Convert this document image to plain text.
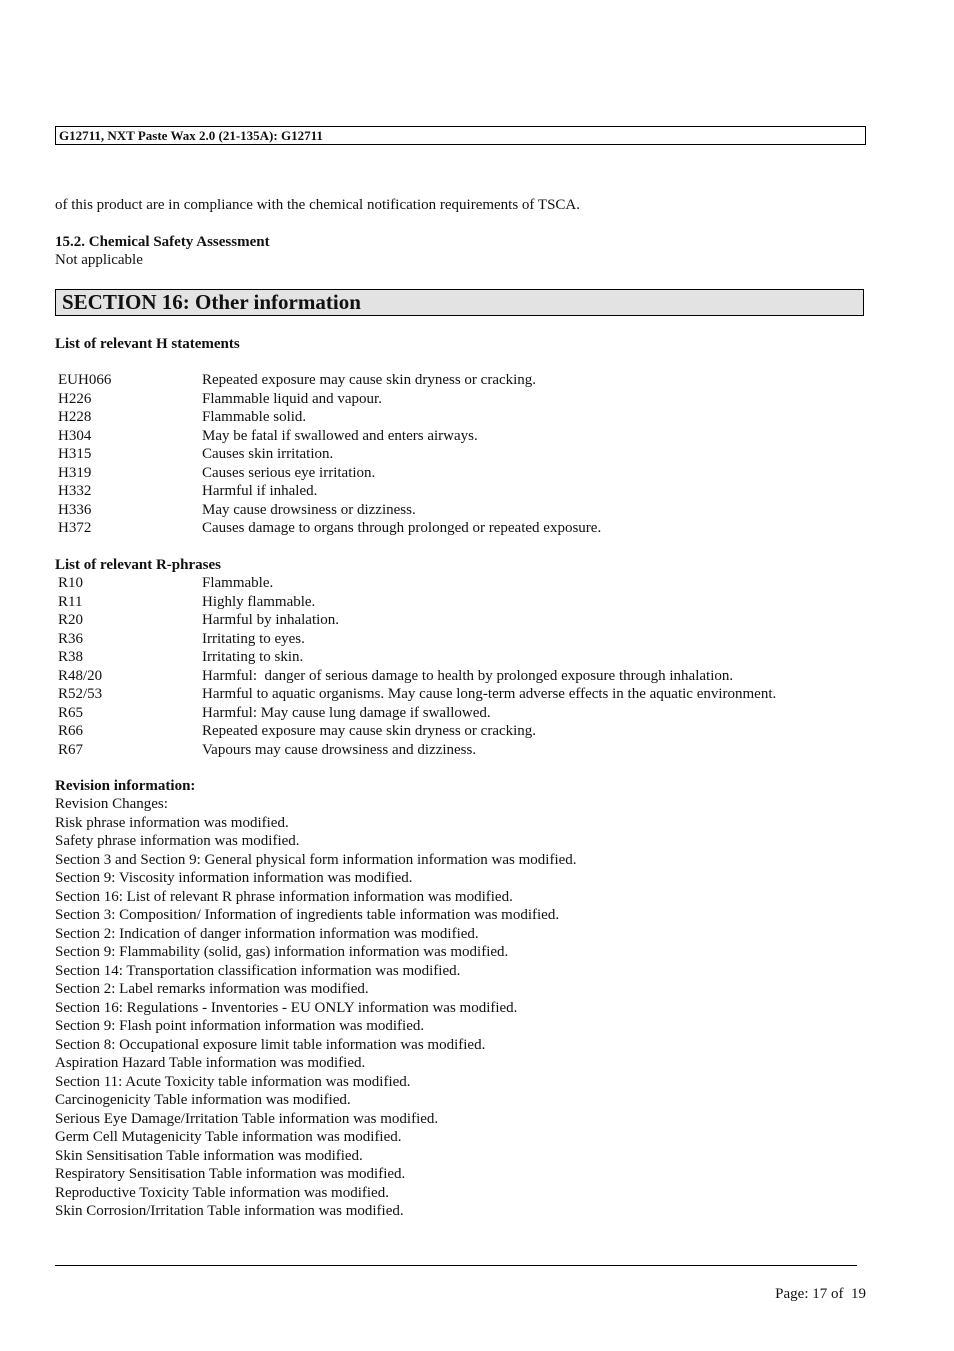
G12711, NXT Paste Wax 2.0 (21-135A): G12711
of this product are in compliance with the chemical notification requirements of TSCA.
15.2. Chemical Safety Assessment
Not applicable
SECTION 16: Other information
List of relevant H statements
EUH066	Repeated exposure may cause skin dryness or cracking.
H226	Flammable liquid and vapour.
H228	Flammable solid.
H304	May be fatal if swallowed and enters airways.
H315	Causes skin irritation.
H319	Causes serious eye irritation.
H332	Harmful if inhaled.
H336	May cause drowsiness or dizziness.
H372	Causes damage to organs through prolonged or repeated exposure.
List of relevant R-phrases
R10	Flammable.
R11	Highly flammable.
R20	Harmful by inhalation.
R36	Irritating to eyes.
R38	Irritating to skin.
R48/20	Harmful:  danger of serious damage to health by prolonged exposure through inhalation.
R52/53	Harmful to aquatic organisms. May cause long-term adverse effects in the aquatic environment.
R65	Harmful: May cause lung damage if swallowed.
R66	Repeated exposure may cause skin dryness or cracking.
R67	Vapours may cause drowsiness and dizziness.
Revision information:
Revision Changes:
Risk phrase information was modified.
Safety phrase information was modified.
Section 3 and Section 9: General physical form information information was modified.
Section 9: Viscosity information information was modified.
Section 16: List of relevant R phrase information information was modified.
Section 3: Composition/ Information of ingredients table information was modified.
Section 2: Indication of danger information information was modified.
Section 9: Flammability (solid, gas) information information was modified.
Section 14: Transportation classification information was modified.
Section 2: Label remarks information was modified.
Section 16: Regulations - Inventories - EU ONLY information was modified.
Section 9: Flash point information information was modified.
Section 8: Occupational exposure limit table information was modified.
Aspiration Hazard Table information was modified.
Section 11: Acute Toxicity table information was modified.
Carcinogenicity Table information was modified.
Serious Eye Damage/Irritation Table information was modified.
Germ Cell Mutagenicity Table information was modified.
Skin Sensitisation Table information was modified.
Respiratory Sensitisation Table information was modified.
Reproductive Toxicity Table information was modified.
Skin Corrosion/Irritation Table information was modified.
Page: 17 of  19
